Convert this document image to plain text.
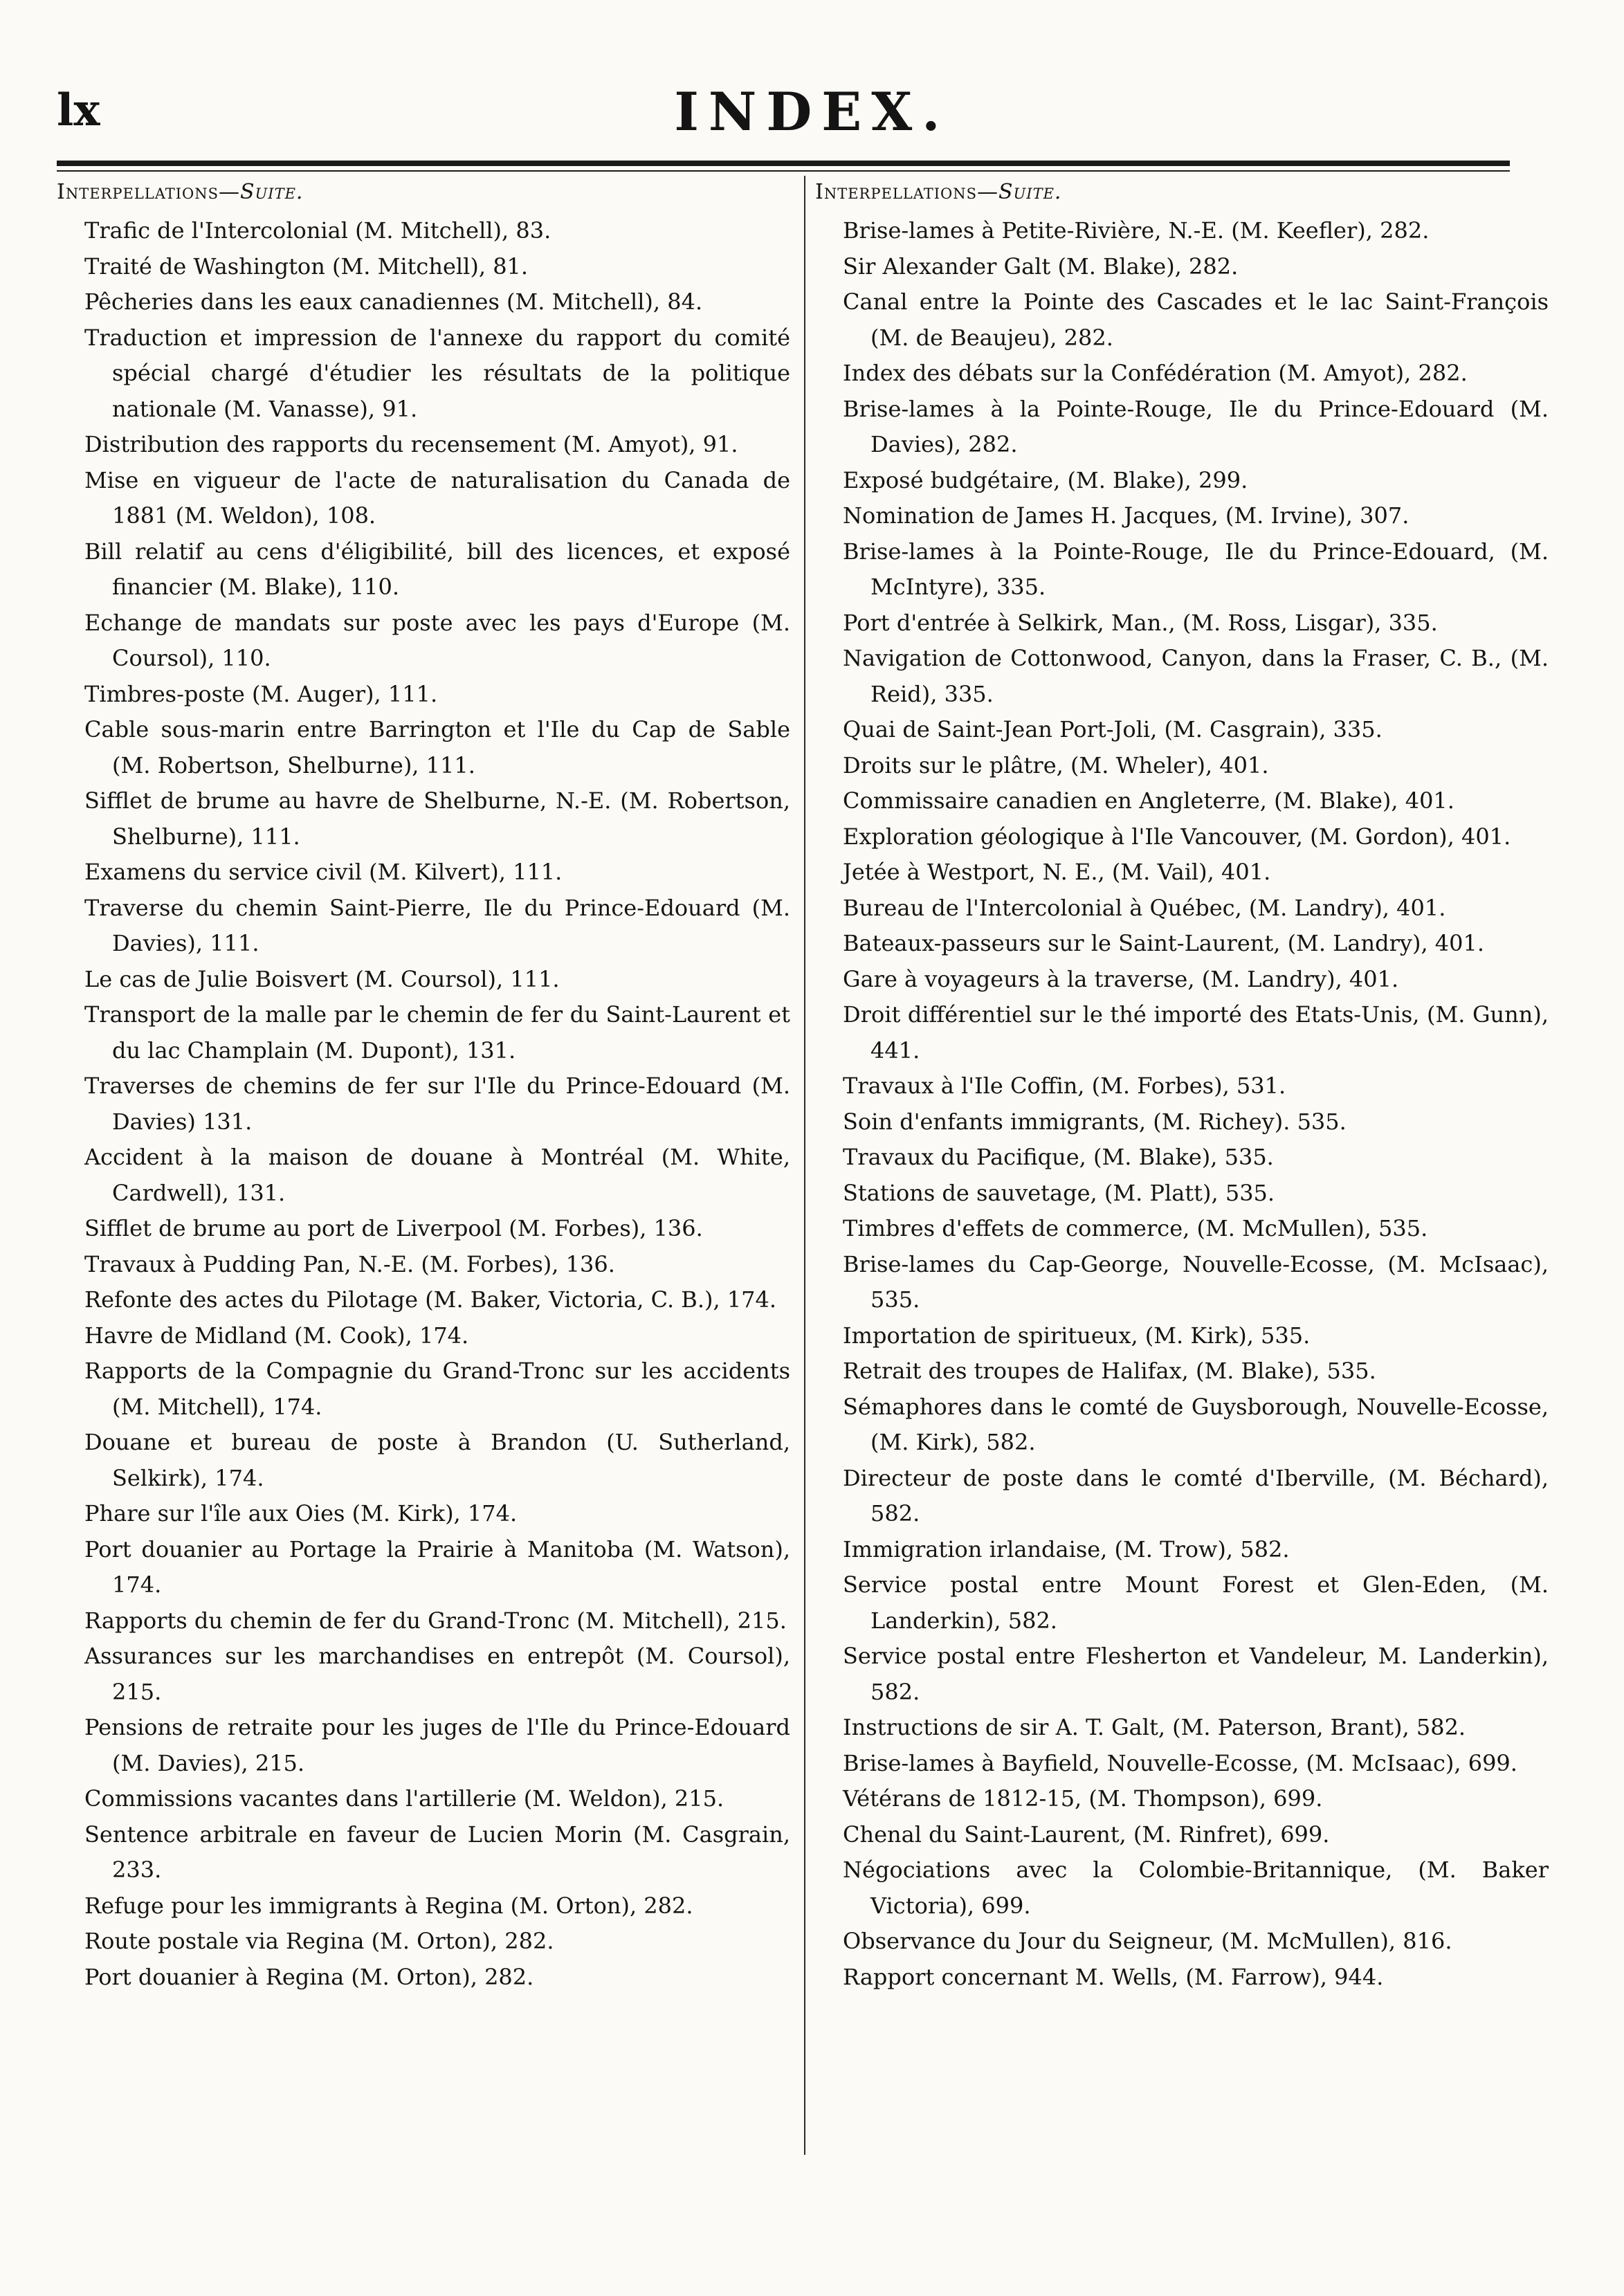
lx	INDEX.
Interpellations—Suite.
Trafic de l'Intercolonial (M. Mitchell), 83.
Traité de Washington (M. Mitchell), 81.
Pêcheries dans les eaux canadiennes (M. Mitchell), 84.
Traduction et impression de l'annexe du rapport du comité spécial chargé d'étudier les résultats de la politique nationale (M. Vanasse), 91.
Distribution des rapports du recensement (M. Amyot), 91.
Mise en vigueur de l'acte de naturalisation du Canada de 1881 (M. Weldon), 108.
Bill relatif au cens d'éligibilité, bill des licences, et exposé financier (M. Blake), 110.
Echange de mandats sur poste avec les pays d'Europe (M. Coursol), 110.
Timbres-poste (M. Auger), 111.
Cable sous-marin entre Barrington et l'Ile du Cap de Sable (M. Robertson, Shelburne), 111.
Sifflet de brume au havre de Shelburne, N.-E. (M. Robertson, Shelburne), 111.
Examens du service civil (M. Kilvert), 111.
Traverse du chemin Saint-Pierre, Ile du Prince-Edouard (M. Davies), 111.
Le cas de Julie Boisvert (M. Coursol), 111.
Transport de la malle par le chemin de fer du Saint-Laurent et du lac Champlain (M. Dupont), 131.
Traverses de chemins de fer sur l'Ile du Prince-Edouard (M. Davies) 131.
Accident à la maison de douane à Montréal (M. White, Cardwell), 131.
Sifflet de brume au port de Liverpool (M. Forbes), 136.
Travaux à Pudding Pan, N.-E. (M. Forbes), 136.
Refonte des actes du Pilotage (M. Baker, Victoria, C. B.), 174.
Havre de Midland (M. Cook), 174.
Rapports de la Compagnie du Grand-Tronc sur les accidents (M. Mitchell), 174.
Douane et bureau de poste à Brandon (U. Sutherland, Selkirk), 174.
Phare sur l'île aux Oies (M. Kirk), 174.
Port douanier au Portage la Prairie à Manitoba (M. Watson), 174.
Rapports du chemin de fer du Grand-Tronc (M. Mitchell), 215.
Assurances sur les marchandises en entrepôt (M. Coursol), 215.
Pensions de retraite pour les juges de l'Ile du Prince-Edouard (M. Davies), 215.
Commissions vacantes dans l'artillerie (M. Weldon), 215.
Sentence arbitrale en faveur de Lucien Morin (M. Casgrain, 233.
Refuge pour les immigrants à Regina (M. Orton), 282.
Route postale via Regina (M. Orton), 282.
Port douanier à Regina (M. Orton), 282.
Interpellations—Suite.
Brise-lames à Petite-Rivière, N.-E. (M. Keefler), 282.
Sir Alexander Galt (M. Blake), 282.
Canal entre la Pointe des Cascades et le lac Saint-François (M. de Beaujeu), 282.
Index des débats sur la Confédération (M. Amyot), 282.
Brise-lames à la Pointe-Rouge, Ile du Prince-Edouard (M. Davies), 282.
Exposé budgétaire, (M. Blake), 299.
Nomination de James H. Jacques, (M. Irvine), 307.
Brise-lames à la Pointe-Rouge, Ile du Prince-Edouard, (M. McIntyre), 335.
Port d'entrée à Selkirk, Man., (M. Ross, Lisgar), 335.
Navigation de Cottonwood, Canyon, dans la Fraser, C. B., (M. Reid), 335.
Quai de Saint-Jean Port-Joli, (M. Casgrain), 335.
Droits sur le plâtre, (M. Wheler), 401.
Commissaire canadien en Angleterre, (M. Blake), 401.
Exploration géologique à l'Ile Vancouver, (M. Gordon), 401.
Jetée à Westport, N. E., (M. Vail), 401.
Bureau de l'Intercolonial à Québec, (M. Landry), 401.
Bateaux-passeurs sur le Saint-Laurent, (M. Landry), 401.
Gare à voyageurs à la traverse, (M. Landry), 401.
Droit différentiel sur le thé importé des Etats-Unis, (M. Gunn), 441.
Travaux à l'Ile Coffin, (M. Forbes), 531.
Soin d'enfants immigrants, (M. Richey). 535.
Travaux du Pacifique, (M. Blake), 535.
Stations de sauvetage, (M. Platt), 535.
Timbres d'effets de commerce, (M. McMullen), 535.
Brise-lames du Cap-George, Nouvelle-Ecosse, (M. McIsaac), 535.
Importation de spiritueux, (M. Kirk), 535.
Retrait des troupes de Halifax, (M. Blake), 535.
Sémaphores dans le comté de Guysborough, Nouvelle-Ecosse, (M. Kirk), 582.
Directeur de poste dans le comté d'Iberville, (M. Béchard), 582.
Immigration irlandaise, (M. Trow), 582.
Service postal entre Mount Forest et Glen-Eden, (M. Landerkin), 582.
Service postal entre Flesherton et Vandeleur, M. Landerkin), 582.
Instructions de sir A. T. Galt, (M. Paterson, Brant), 582.
Brise-lames à Bayfield, Nouvelle-Ecosse, (M. McIsaac), 699.
Vétérans de 1812-15, (M. Thompson), 699.
Chenal du Saint-Laurent, (M. Rinfret), 699.
Négociations avec la Colombie-Britannique, (M. Baker Victoria), 699.
Observance du Jour du Seigneur, (M. McMullen), 816.
Rapport concernant M. Wells, (M. Farrow), 944.
